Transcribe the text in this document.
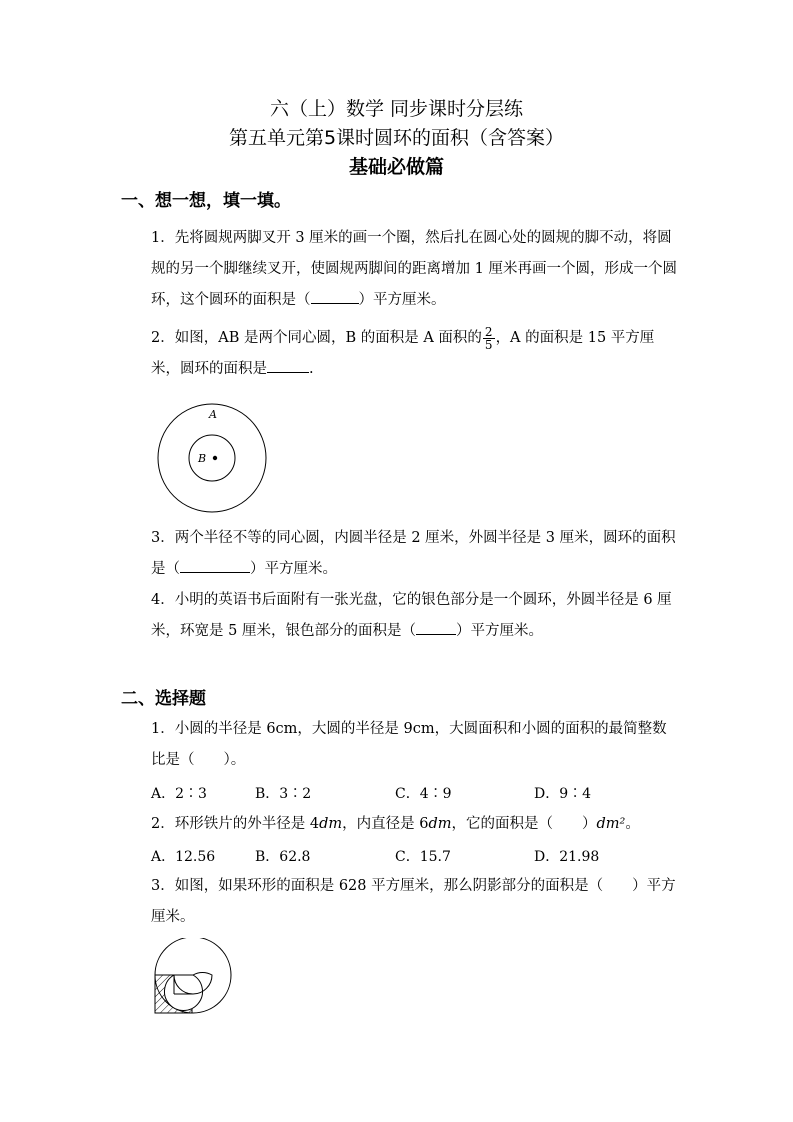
六（上）数学 同步课时分层练
第五单元第5课时圆环的面积（含答案）
基础必做篇
一、想一想，填一填。

1．先将圆规两脚叉开 3 厘米的画一个圈，然后扎在圆心处的圆规的脚不动，将圆规的另一个脚继续叉开，使圆规两脚间的距离增加 1 厘米再画一个圆，形成一个圆环，这个圆环的面积是（	）平方厘米。

2．如图，AB 是两个同心圆，B 的面积是 A 面积的 $\frac{2}{5}$ ，A 的面积是 15 平方厘米，圆环的面积是	.

A
B

3．两个半径不等的同心圆，内圆半径是 2 厘米，外圆半径是 3 厘米，圆环的面积是（	）平方厘米。

4．小明的英语书后面附有一张光盘，它的银色部分是一个圆环，外圆半径是 6 厘米，环宽是 5 厘米，银色部分的面积是（	）平方厘米。

二、选择题

1．小圆的半径是 6cm，大圆的半径是 9cm，大圆面积和小圆的面积的最简整数比是（　　）。

A．2∶3	B．3∶2	C．4∶9	D．9∶4

2．环形铁片的外半径是 4dm，内直径是 6dm，它的面积是（　　）dm²。

A．12.56	B．62.8	C．15.7	D．21.98

3．如图，如果环形的面积是 628 平方厘米，那么阴影部分的面积是（　　）平方厘米。
